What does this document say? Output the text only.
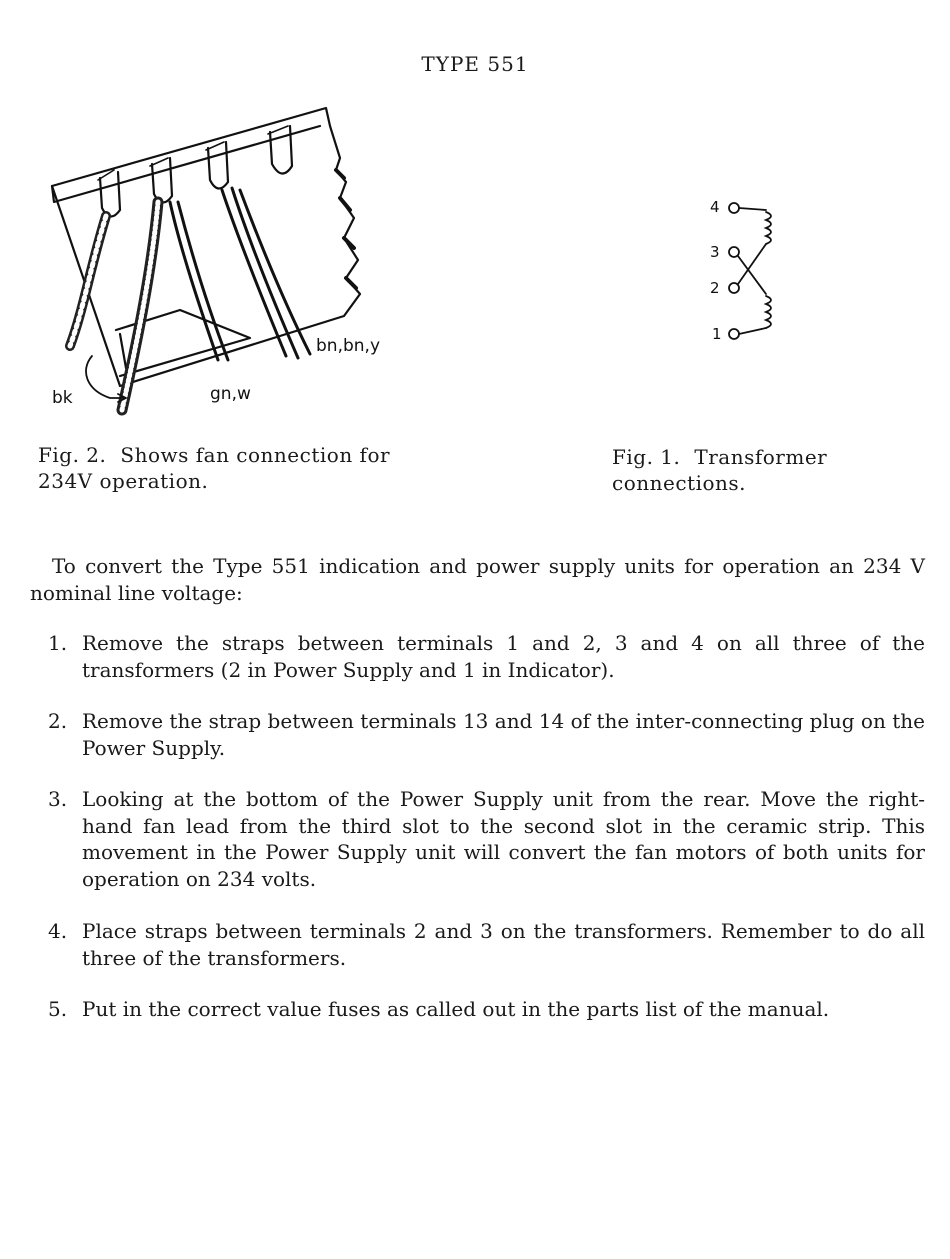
TYPE 551
bk	gn,w
bn,bn,y
4
3
2
1
Fig. 2. Shows fan connection for 234V operation.
Fig. 1. Transformer connections.
To convert the Type 551 indication and power supply units for operation an 234 V nominal line voltage:
1. Remove the straps between terminals 1 and 2, 3 and 4 on all three of the transformers (2 in Power Supply and 1 in Indicator).
2. Remove the strap between terminals 13 and 14 of the inter-connecting plug on the Power Supply.
3. Looking at the bottom of the Power Supply unit from the rear. Move the right-hand fan lead from the third slot to the second slot in the ceramic strip. This movement in the Power Supply unit will convert the fan motors of both units for operation on 234 volts.
4. Place straps between terminals 2 and 3 on the transformers. Remember to do all three of the transformers.
5. Put in the correct value fuses as called out in the parts list of the manual.
